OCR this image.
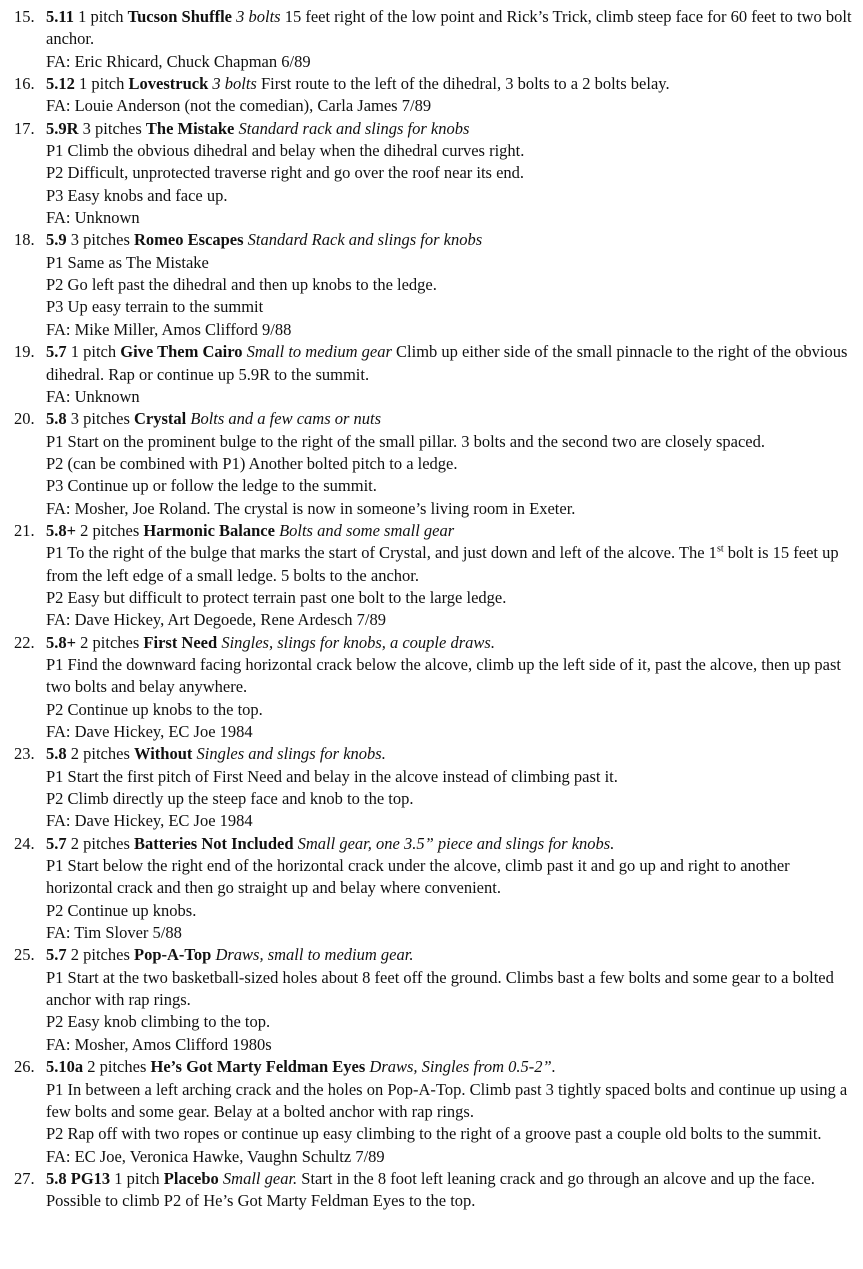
15. 5.11 1 pitch Tucson Shuffle 3 bolts 15 feet right of the low point and Rick’s Trick, climb steep face for 60 feet to two bolt anchor.
FA: Eric Rhicard, Chuck Chapman 6/89
16. 5.12 1 pitch Lovestruck 3 bolts First route to the left of the dihedral, 3 bolts to a 2 bolts belay.
FA: Louie Anderson (not the comedian), Carla James 7/89
17. 5.9R 3 pitches The Mistake Standard rack and slings for knobs
P1 Climb the obvious dihedral and belay when the dihedral curves right.
P2 Difficult, unprotected traverse right and go over the roof near its end.
P3 Easy knobs and face up.
FA: Unknown
18. 5.9 3 pitches Romeo Escapes Standard Rack and slings for knobs
P1 Same as The Mistake
P2 Go left past the dihedral and then up knobs to the ledge.
P3 Up easy terrain to the summit
FA: Mike Miller, Amos Clifford 9/88
19. 5.7 1 pitch Give Them Cairo Small to medium gear Climb up either side of the small pinnacle to the right of the obvious dihedral. Rap or continue up 5.9R to the summit.
FA: Unknown
20. 5.8 3 pitches Crystal Bolts and a few cams or nuts
P1 Start on the prominent bulge to the right of the small pillar. 3 bolts and the second two are closely spaced.
P2 (can be combined with P1) Another bolted pitch to a ledge.
P3 Continue up or follow the ledge to the summit.
FA: Mosher, Joe Roland. The crystal is now in someone’s living room in Exeter.
21. 5.8+ 2 pitches Harmonic Balance Bolts and some small gear
P1 To the right of the bulge that marks the start of Crystal, and just down and left of the alcove. The 1st bolt is 15 feet up from the left edge of a small ledge. 5 bolts to the anchor.
P2 Easy but difficult to protect terrain past one bolt to the large ledge.
FA: Dave Hickey, Art Degoede, Rene Ardesch 7/89
22. 5.8+ 2 pitches First Need Singles, slings for knobs, a couple draws.
P1 Find the downward facing horizontal crack below the alcove, climb up the left side of it, past the alcove, then up past two bolts and belay anywhere.
P2 Continue up knobs to the top.
FA: Dave Hickey, EC Joe 1984
23. 5.8 2 pitches Without Singles and slings for knobs.
P1 Start the first pitch of First Need and belay in the alcove instead of climbing past it.
P2 Climb directly up the steep face and knob to the top.
FA: Dave Hickey, EC Joe 1984
24. 5.7 2 pitches Batteries Not Included Small gear, one 3.5” piece and slings for knobs.
P1 Start below the right end of the horizontal crack under the alcove, climb past it and go up and right to another horizontal crack and then go straight up and belay where convenient.
P2 Continue up knobs.
FA: Tim Slover 5/88
25. 5.7 2 pitches Pop-A-Top Draws, small to medium gear.
P1 Start at the two basketball-sized holes about 8 feet off the ground. Climbs bast a few bolts and some gear to a bolted anchor with rap rings.
P2 Easy knob climbing to the top.
FA: Mosher, Amos Clifford 1980s
26. 5.10a 2 pitches He’s Got Marty Feldman Eyes Draws, Singles from 0.5-2”.
P1 In between a left arching crack and the holes on Pop-A-Top. Climb past 3 tightly spaced bolts and continue up using a few bolts and some gear. Belay at a bolted anchor with rap rings.
P2 Rap off with two ropes or continue up easy climbing to the right of a groove past a couple old bolts to the summit.
FA: EC Joe, Veronica Hawke, Vaughn Schultz 7/89
27. 5.8 PG13 1 pitch Placebo Small gear. Start in the 8 foot left leaning crack and go through an alcove and up the face. Possible to climb P2 of He’s Got Marty Feldman Eyes to the top.
